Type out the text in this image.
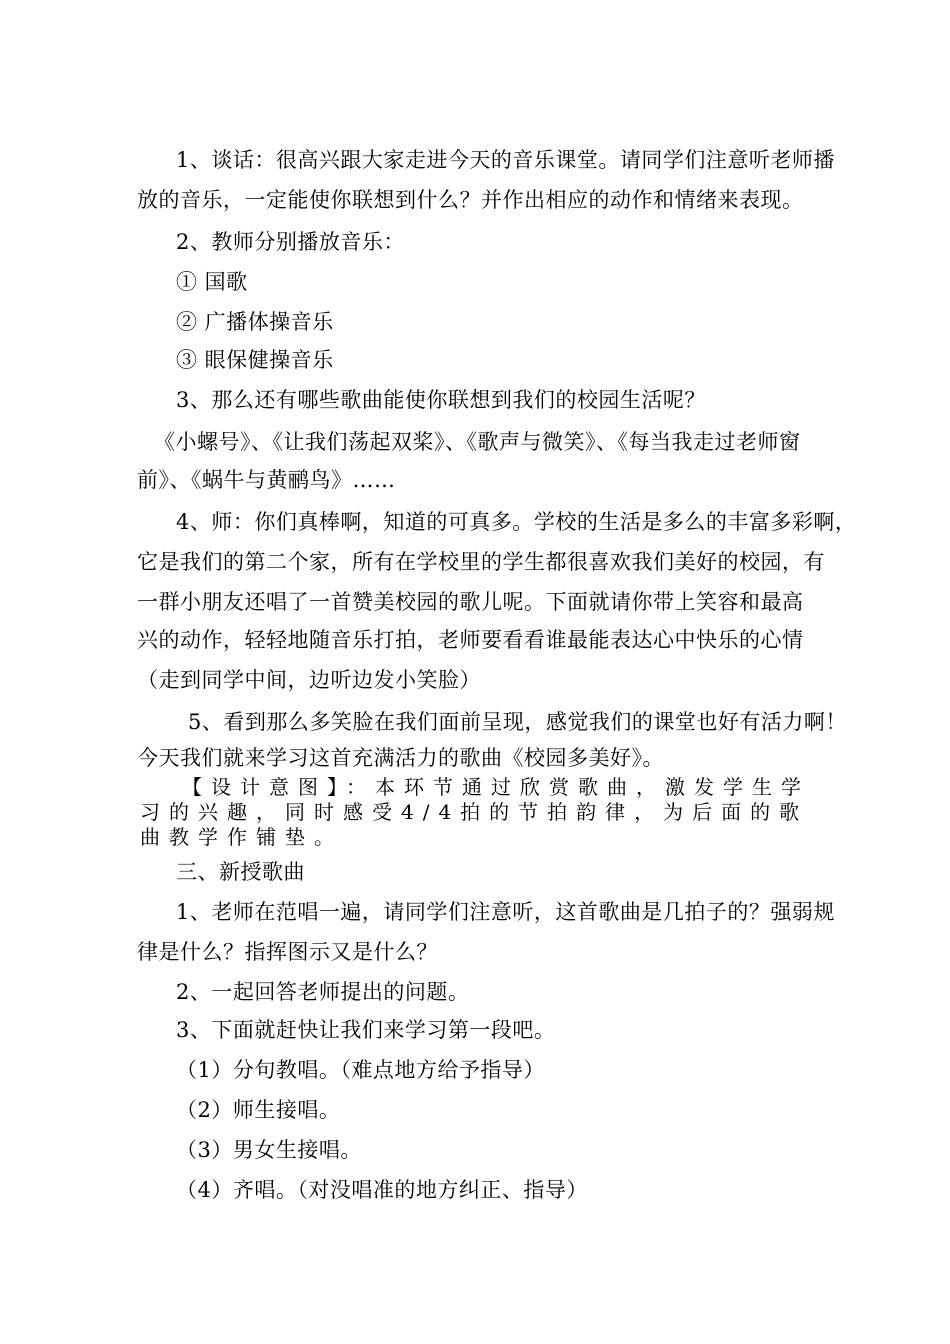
1、谈话：很高兴跟大家走进今天的音乐课堂。请同学们注意听老师播
放的音乐，一定能使你联想到什么？并作出相应的动作和情绪来表现。
2、教师分别播放音乐：
① 国歌
② 广播体操音乐
③ 眼保健操音乐
3、那么还有哪些歌曲能使你联想到我们的校园生活呢？
《小螺号》、《让我们荡起双桨》、《歌声与微笑》、《每当我走过老师窗
前》、《蜗牛与黄鹂鸟》……
4、师：你们真棒啊，知道的可真多。学校的生活是多么的丰富多彩啊，
它是我们的第二个家，所有在学校里的学生都很喜欢我们美好的校园，有
一群小朋友还唱了一首赞美校园的歌儿呢。下面就请你带上笑容和最高
兴的动作，轻轻地随音乐打拍，老师要看看谁最能表达心中快乐的心情
（走到同学中间，边听边发小笑脸）
5、看到那么多笑脸在我们面前呈现，感觉我们的课堂也好有活力啊！
今天我们就来学习这首充满活力的歌曲《校园多美好》。
【设计意图】：本环节通过欣赏歌曲，激发学生学
习的兴趣，同时感受4/4拍的节拍韵律，为后面的歌
曲教学作铺垫。
三、新授歌曲
1、老师在范唱一遍，请同学们注意听，这首歌曲是几拍子的？强弱规
律是什么？指挥图示又是什么？
2、一起回答老师提出的问题。
3、下面就赶快让我们来学习第一段吧。
（1）分句教唱。（难点地方给予指导）
（2）师生接唱。
（3）男女生接唱。
（4）齐唱。（对没唱准的地方纠正、指导）
